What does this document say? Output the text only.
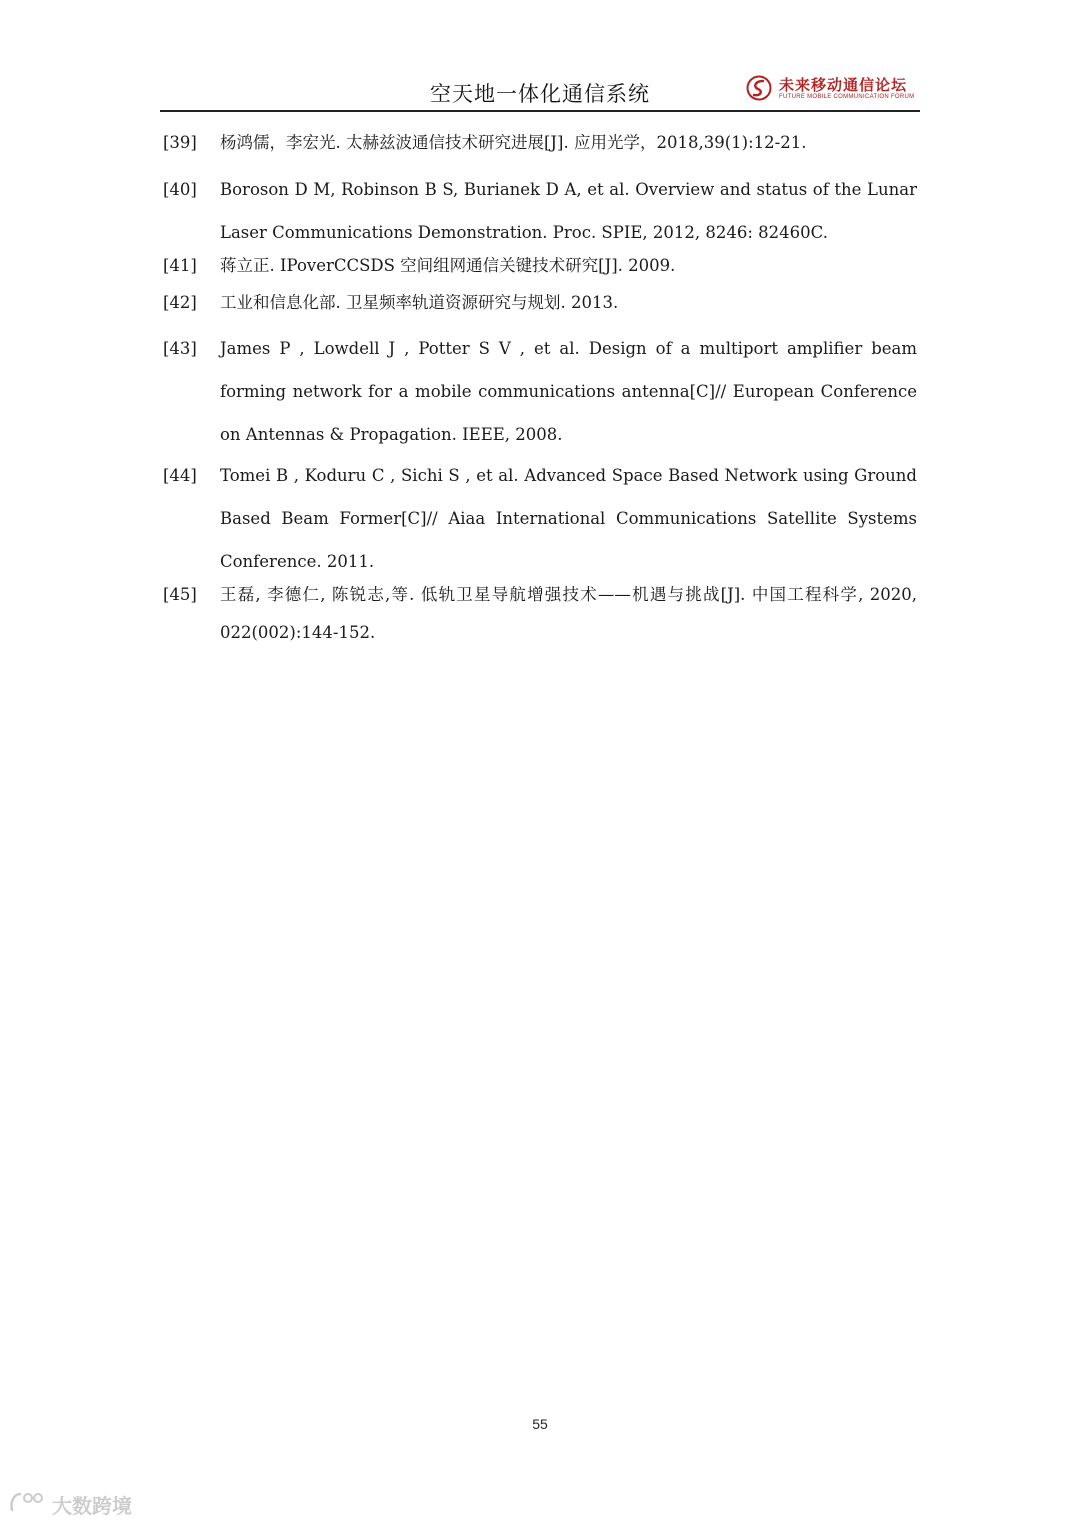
空天地一体化通信系统	未来移动通信论坛
FUTURE MOBILE COMMUNICATION FORUM
[39] 杨鸿儒，李宏光. 太赫兹波通信技术研究进展[J]. 应用光学，2018,39(1):12-21.
[40] Boroson D M, Robinson B S, Burianek D A, et al. Overview and status of the Lunar Laser Communications Demonstration. Proc. SPIE, 2012, 8246: 82460C.
[41] 蒋立正. IPoverCCSDS 空间组网通信关键技术研究[J]. 2009.
[42] 工业和信息化部. 卫星频率轨道资源研究与规划. 2013.
[43] James P , Lowdell J , Potter S V , et al. Design of a multiport amplifier beam forming network for a mobile communications antenna[C]// European Conference on Antennas & Propagation. IEEE, 2008.
[44] Tomei B , Koduru C , Sichi S , et al. Advanced Space Based Network using Ground Based Beam Former[C]// Aiaa International Communications Satellite Systems Conference. 2011.
[45] 王磊, 李德仁, 陈锐志,等. 低轨卫星导航增强技术——机遇与挑战[J]. 中国工程科学, 2020, 022(002):144-152.
55
大数跨境
